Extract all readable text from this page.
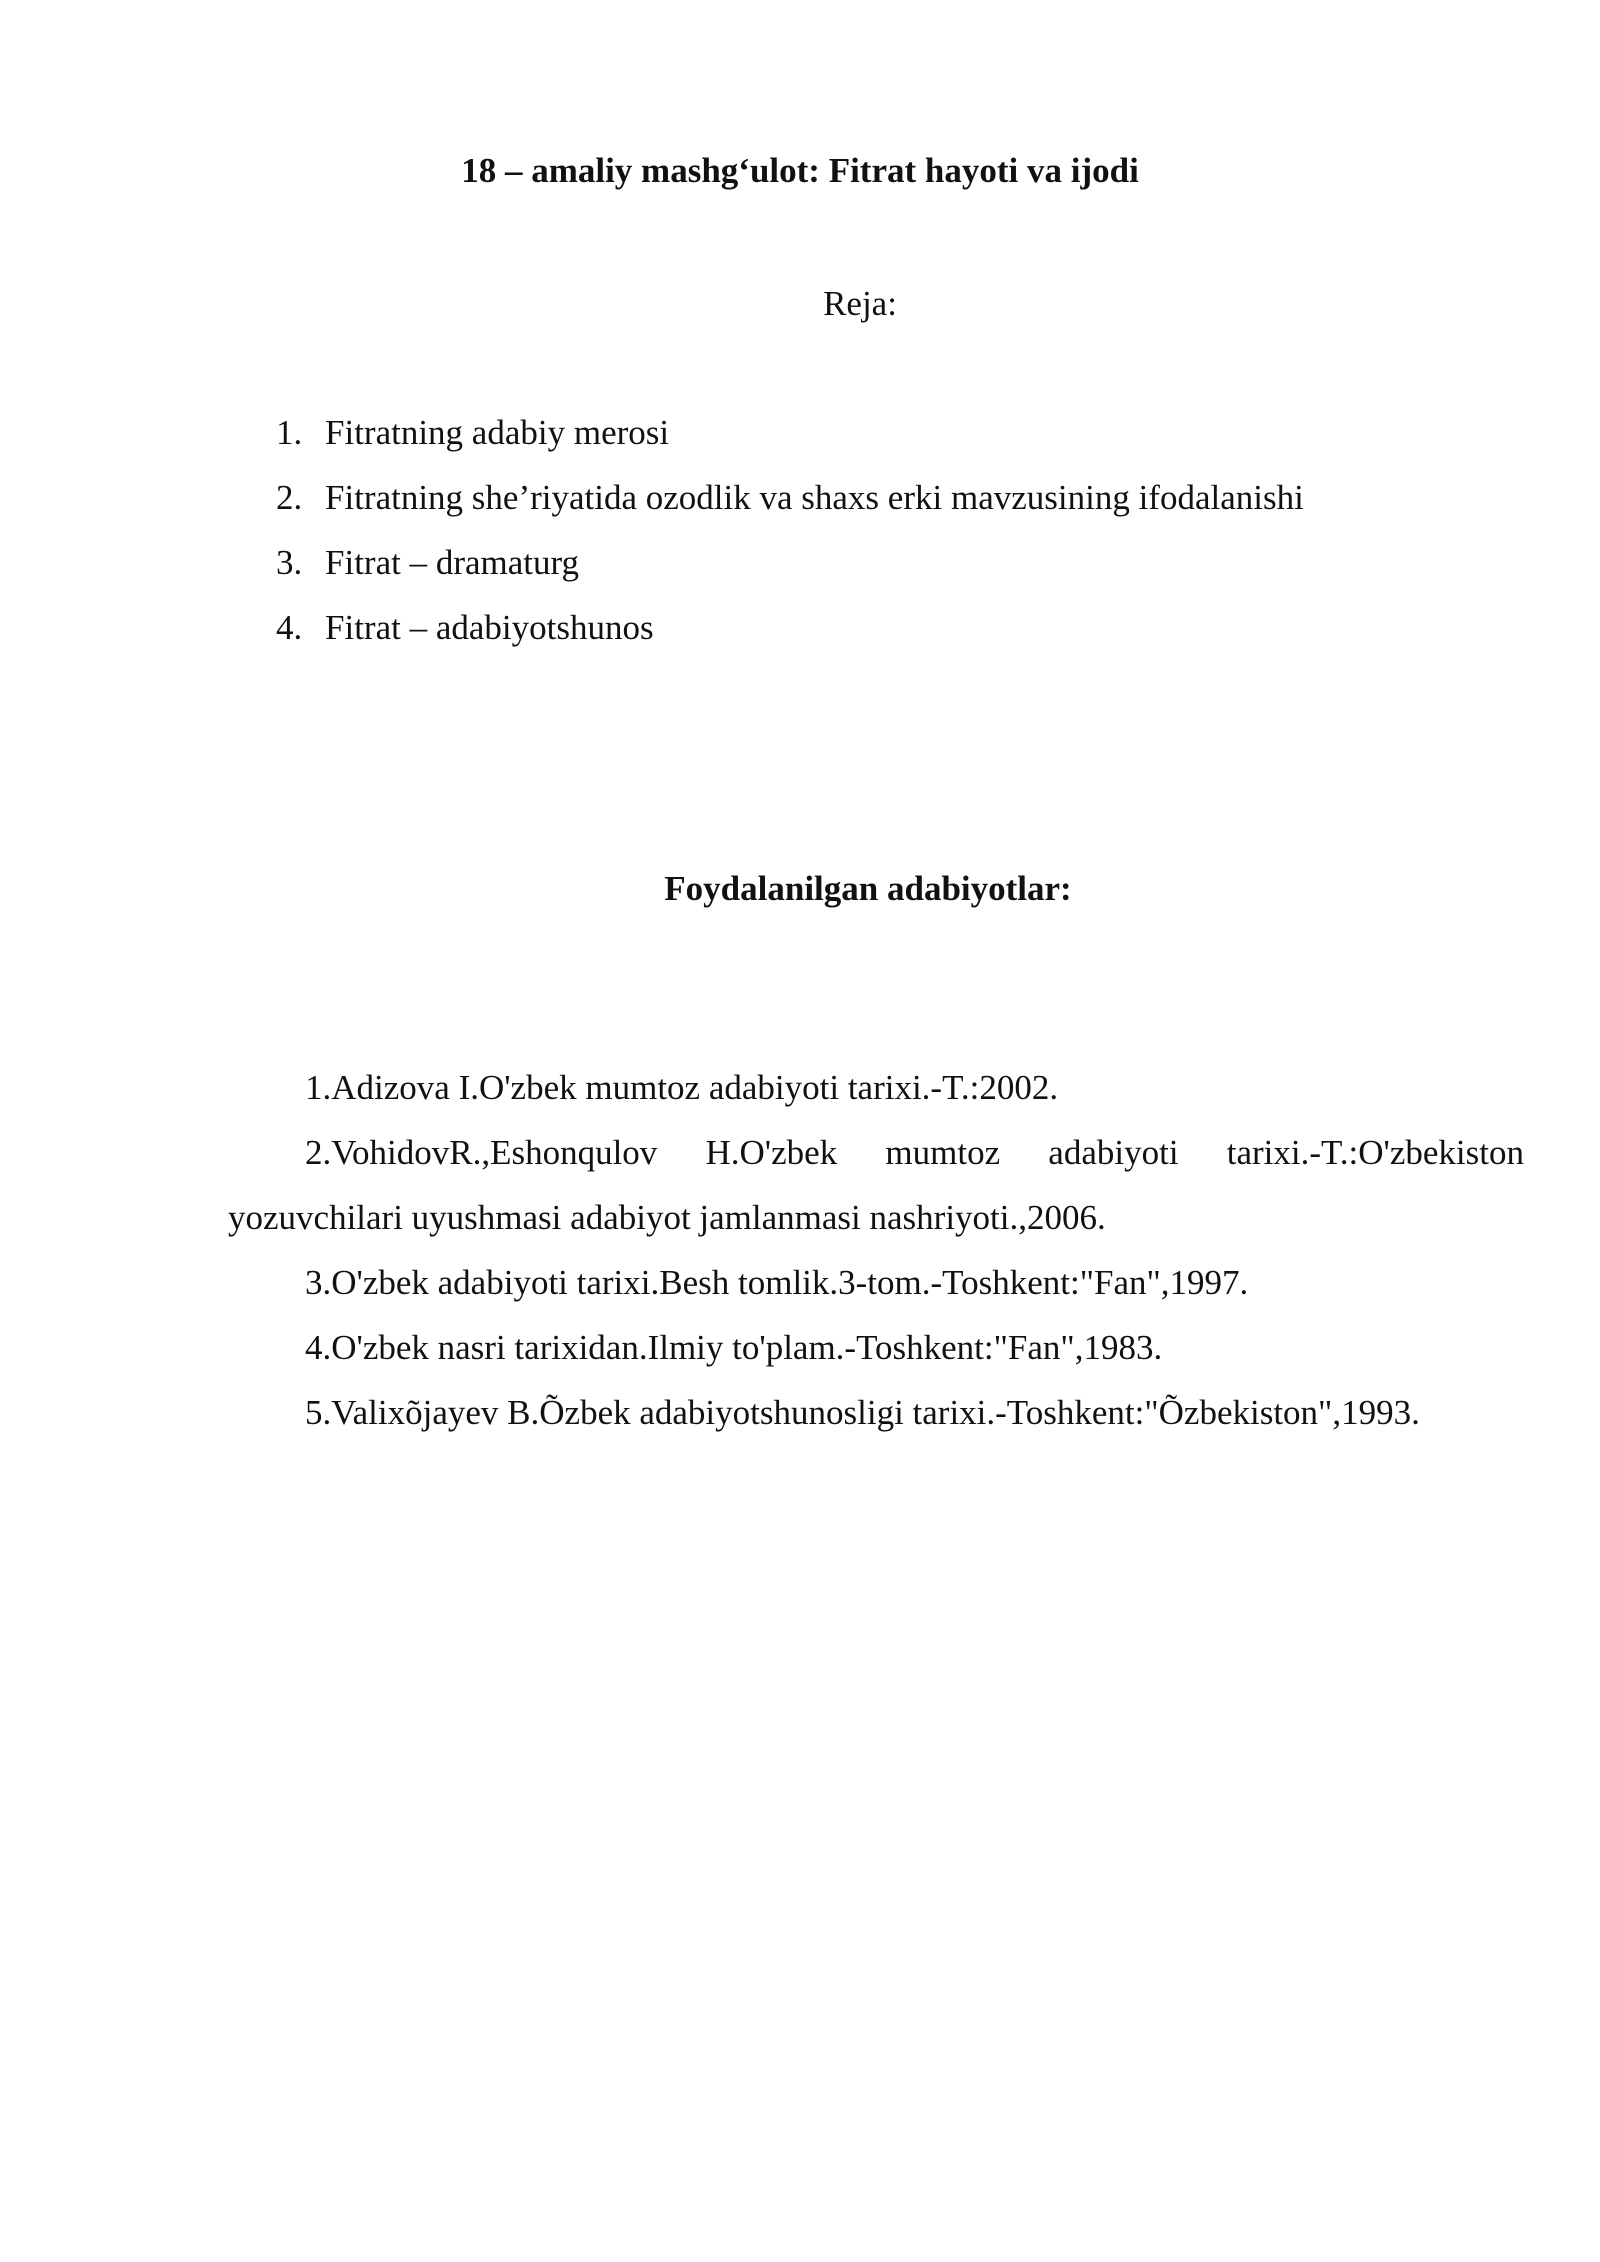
18 – amaliy mashg‘ulot: Fitrat hayoti va ijodi
Reja:
1. Fitratning adabiy merosi
2. Fitratning she’riyatida ozodlik va shaxs erki mavzusining ifodalanishi
3. Fitrat – dramaturg
4. Fitrat – adabiyotshunos
Foydalanilgan adabiyotlar:

1.Adizova I.O'zbek mumtoz adabiyoti tarixi.-T.:2002.

2.VohidovR.,Eshonqulov H.O'zbek mumtoz adabiyoti tarixi.-T.:O'zbekiston
yozuvchilari uyushmasi adabiyot jamlanmasi nashriyoti.,2006.

3.O'zbek adabiyoti tarixi.Besh tomlik.3-tom.-Toshkent:"Fan",1997.

4.O'zbek nasri tarixidan.Ilmiy to'plam.-Toshkent:"Fan",1983.

5.Valixõjayev B.Õzbek adabiyotshunosligi tarixi.-Toshkent:"Õzbekiston",1993.
